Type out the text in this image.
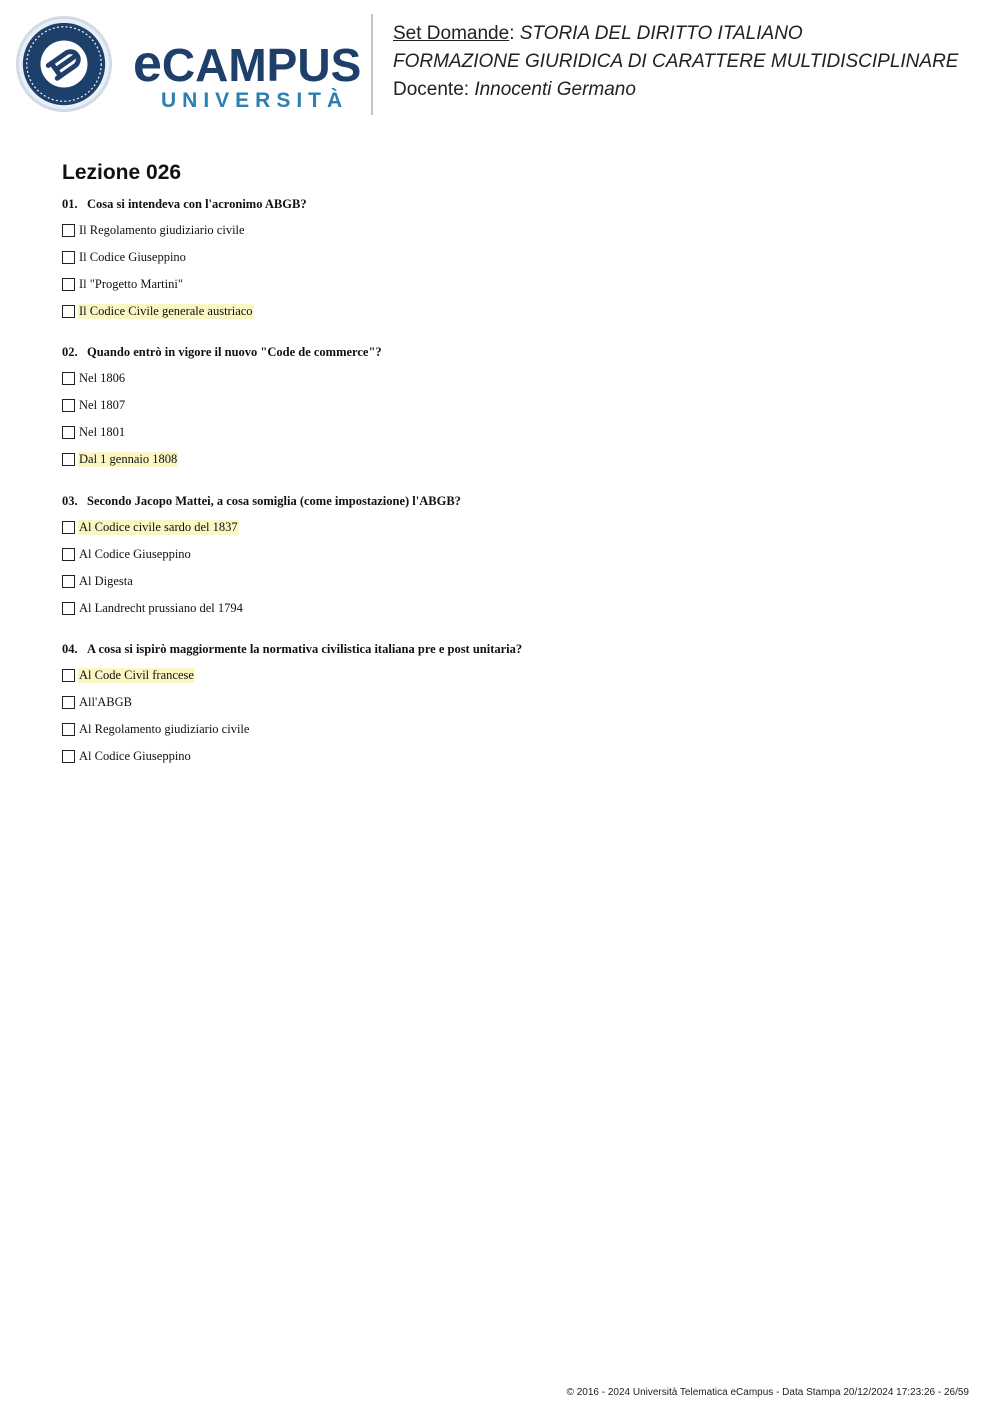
eCAMPUS
UNIVERSITÀ
Set Domande: STORIA DEL DIRITTO ITALIANO
FORMAZIONE GIURIDICA DI CARATTERE MULTIDISCIPLINARE
Docente: Innocenti Germano
Lezione 026
01. Cosa si intendeva con l'acronimo ABGB?
Il Regolamento giudiziario civile
Il Codice Giuseppino
Il "Progetto Martini"
Il Codice Civile generale austriaco
02. Quando entrò in vigore il nuovo "Code de commerce"?
Nel 1806
Nel 1807
Nel 1801
Dal 1 gennaio 1808
03. Secondo Jacopo Mattei, a cosa somiglia (come impostazione) l'ABGB?
Al Codice civile sardo del 1837
Al Codice Giuseppino
Al Digesta
Al Landrecht prussiano del 1794
04. A cosa si ispirò maggiormente la normativa civilistica italiana pre e post unitaria?
Al Code Civil francese
All'ABGB
Al Regolamento giudiziario civile
Al Codice Giuseppino
© 2016 - 2024 Università Telematica eCampus - Data Stampa 20/12/2024 17:23:26 - 26/59
